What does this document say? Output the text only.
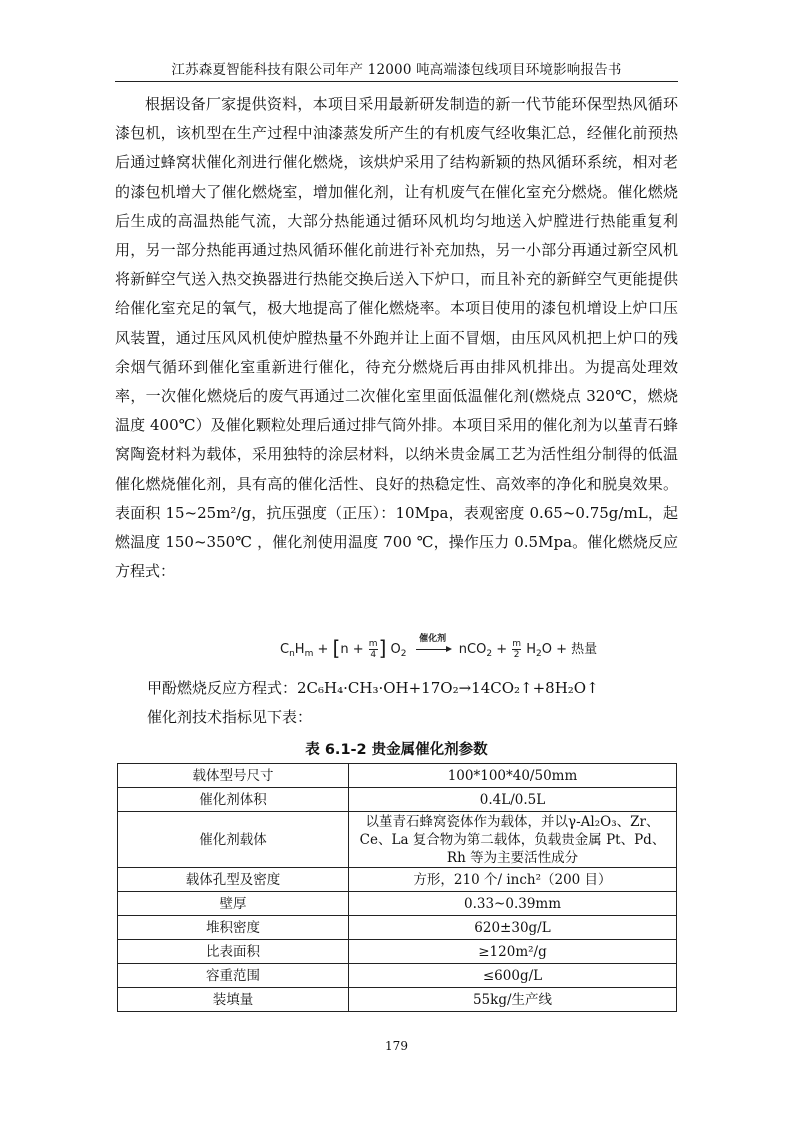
江苏森夏智能科技有限公司年产 12000 吨高端漆包线项目环境影响报告书

根据设备厂家提供资料，本项目采用最新研发制造的新一代节能环保型热风循环漆包机，该机型在生产过程中油漆蒸发所产生的有机废气经收集汇总，经催化前预热后通过蜂窝状催化剂进行催化燃烧，该烘炉采用了结构新颖的热风循环系统，相对老的漆包机增大了催化燃烧室，增加催化剂，让有机废气在催化室充分燃烧。催化燃烧后生成的高温热能气流，大部分热能通过循环风机均匀地送入炉膛进行热能重复利用，另一部分热能再通过热风循环催化前进行补充加热，另一小部分再通过新空风机将新鲜空气送入热交换器进行热能交换后送入下炉口，而且补充的新鲜空气更能提供给催化室充足的氧气，极大地提高了催化燃烧率。本项目使用的漆包机增设上炉口压风装置，通过压风风机使炉膛热量不外跑并让上面不冒烟，由压风风机把上炉口的残余烟气循环到催化室重新进行催化，待充分燃烧后再由排风机排出。为提高处理效率，一次催化燃烧后的废气再通过二次催化室里面低温催化剂(燃烧点 320℃，燃烧温度 400℃）及催化颗粒处理后通过排气筒外排。本项目采用的催化剂为以堇青石蜂窝陶瓷材料为载体，采用独特的涂层材料，以纳米贵金属工艺为活性组分制得的低温催化燃烧催化剂，具有高的催化活性、良好的热稳定性、高效率的净化和脱臭效果。表面积 15~25m²/g，抗压强度（正压）：10Mpa，表观密度 0.65~0.75g/mL，起燃温度 150~350℃ ，催化剂使用温度 700 ℃，操作压力 0.5Mpa。催化燃烧反应方程式：

$C_nH_m + [n + \frac{m}{4}$ ] $O_2$
催化剂
$nCO_2 + \frac{m}{2} H_2O$ + 热量
甲酚燃烧反应方程式：2C₆H₄·CH₃·OH+17O₂→14CO₂↑+8H₂O↑
催化剂技术指标见下表：
表 6.1-2 贵金属催化剂参数
载体型号尺寸	100*100*40/50mm
催化剂体积	0.4L/0.5L
催化剂载体	以堇青石蜂窝瓷体作为载体，并以γ-Al₂O₃、Zr、Ce、La 复合物为第二载体，负载贵金属 Pt、Pd、Rh 等为主要活性成分
载体孔型及密度	方形，210 个/ inch²（200 目）
壁厚	0.33~0.39mm
堆积密度	620±30g/L
比表面积	≥120m²/g
容重范围	≤600g/L
装填量	55kg/生产线
179
